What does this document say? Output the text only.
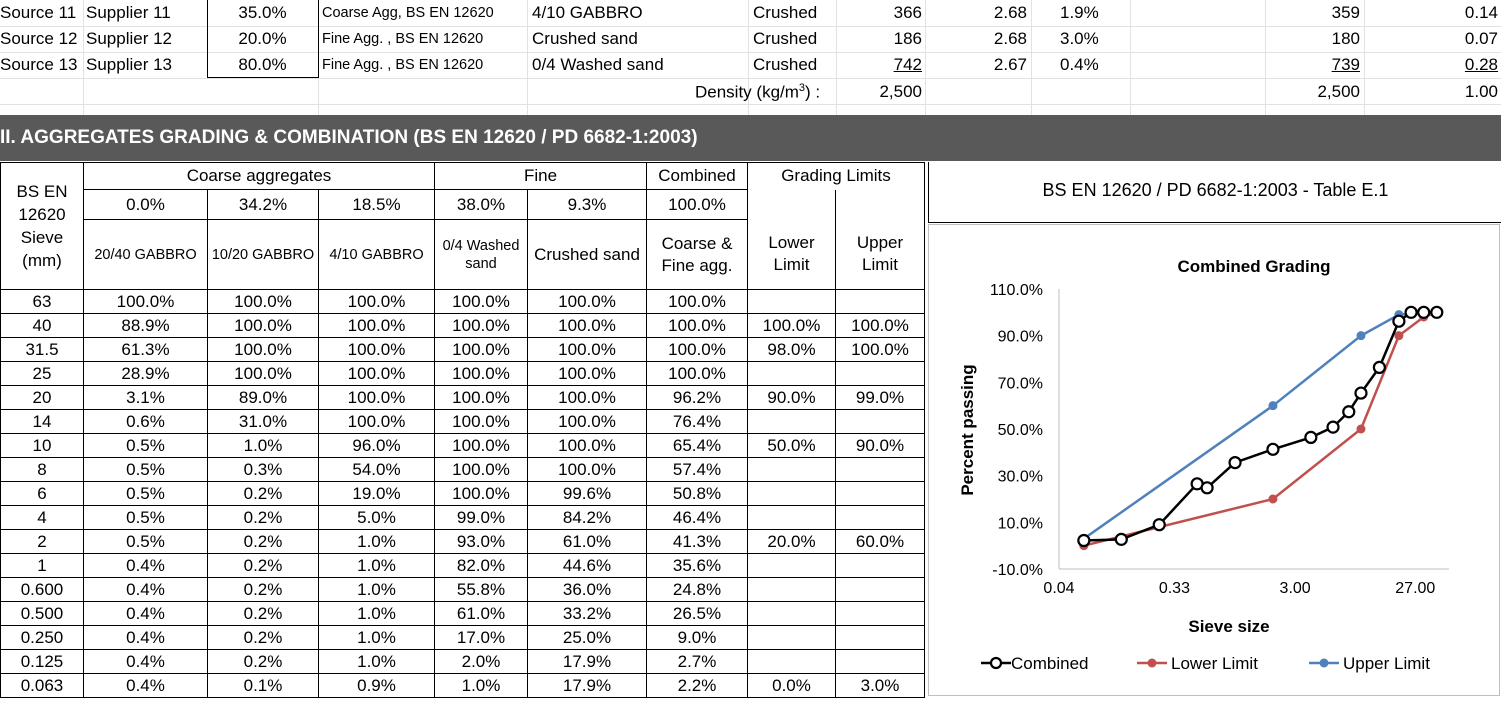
Source 11 Supplier 11	35.0%	Coarse Agg, BS EN 12620	4/10 GABBRO	Crushed	366	2.68 1.9%	359	0.14
Source 12 Supplier 12	20.0%	Fine Agg. , BS EN 12620	Crushed sand	Crushed	186	2.68 3.0%	180	0.07
Source 13 Supplier 13	80.0%	Fine Agg. , BS EN 12620	0/4 Washed sand	Crushed	742	2.67 0.4%	739	0.28
Density $(kg/m^3)$ :	2,500	2,500	1.00
II. AGGREGATES GRADING & COMBINATION (BS EN 12620 / PD 6682-1:2003)
BS EN 12620 Sieve (mm)	Coarse aggregates			Fine		Combined	Grading Limits	
	0.0%	34.2%	18.5%	38.0%	9.3%	100.0%		
	20/40 GABBRO	10/20 GABBRO	4/10 GABBRO	0/4 Washed sand	Crushed sand	Coarse & Fine agg.	Lower Limit	Upper Limit
63	100.0%	100.0%	100.0%	100.0%	100.0%	100.0%		
40	88.9%	100.0%	100.0%	100.0%	100.0%	100.0%	100.0%	100.0%
31.5	61.3%	100.0%	100.0%	100.0%	100.0%	100.0%	98.0%	100.0%
25	28.9%	100.0%	100.0%	100.0%	100.0%	100.0%		
20	3.1%	89.0%	100.0%	100.0%	100.0%	96.2%	90.0%	99.0%
14	0.6%	31.0%	100.0%	100.0%	100.0%	76.4%		
10	0.5%	1.0%	96.0%	100.0%	100.0%	65.4%	50.0%	90.0%
8	0.5%	0.3%	54.0%	100.0%	100.0%	57.4%		
6	0.5%	0.2%	19.0%	100.0%	99.6%	50.8%		
4	0.5%	0.2%	5.0%	99.0%	84.2%	46.4%		
2	0.5%	0.2%	1.0%	93.0%	61.0%	41.3%	20.0%	60.0%
1	0.4%	0.2%	1.0%	82.0%	44.6%	35.6%		
0.600	0.4%	0.2%	1.0%	55.8%	36.0%	24.8%		
0.500	0.4%	0.2%	1.0%	61.0%	33.2%	26.5%		
0.250	0.4%	0.2%	1.0%	17.0%	25.0%	9.0%		
0.125	0.4%	0.2%	1.0%	2.0%	17.9%	2.7%		
0.063	0.4%	0.1%	0.9%	1.0%	17.9%	2.2%	0.0%	3.0%
BS EN 12620 / PD 6682-1:2003 - Table E.1
Combined Grading
Percent passing
Sieve size
110.0%
90.0%
70.0%
50.0%
30.0%
10.0%
-10.0%
0.04	0.33	3.00	27.00
Combined	Lower Limit	Upper Limit
